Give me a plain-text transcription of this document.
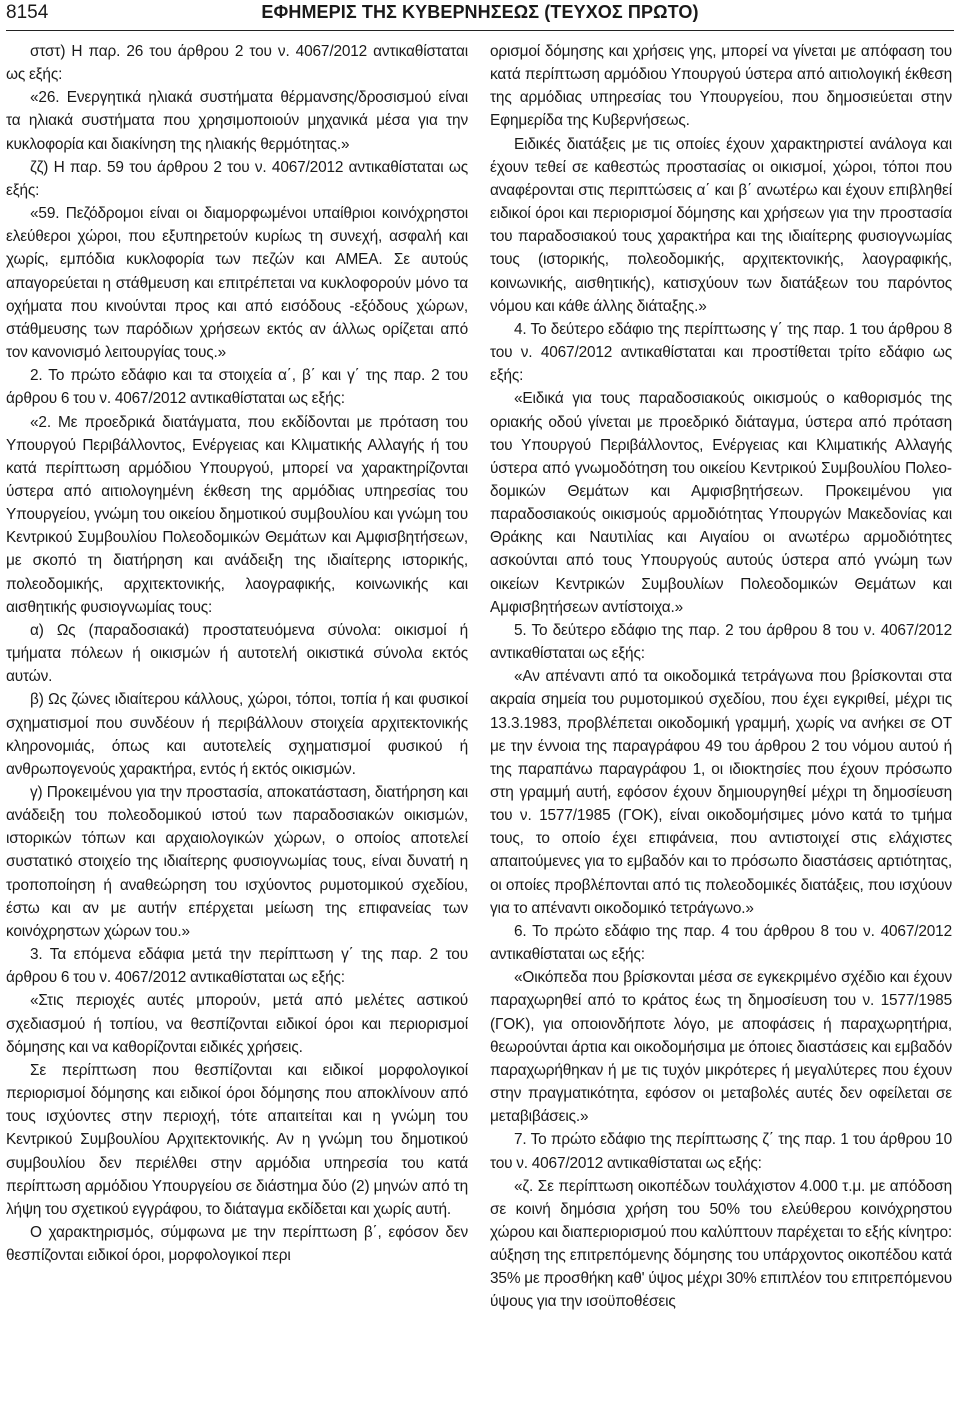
8154	ΕΦΗΜΕΡΙΣ ΤΗΣ ΚΥΒΕΡΝΗΣΕΩΣ (ΤΕΥΧΟΣ ΠΡΩΤΟ)

στστ) Η παρ. 26 του άρθρου 2 του ν. 4067/2012 αντικαθίσταται ως εξής:

«26. Ενεργητικά ηλιακά συστήματα θέρμανσης/δροσισμού είναι τα ηλιακά συστήματα που χρησιμοποιούν μηχανικά μέσα για την κυκλοφορία και διακίνηση της ηλιακής θερμότητας.»

ζζ) Η παρ. 59 του άρθρου 2 του ν. 4067/2012 αντικαθίσταται ως εξής:

«59. Πεζόδρομοι είναι οι διαμορφωμένοι υπαίθριοι κοινόχρηστοι ελεύθεροι χώροι, που εξυπηρετούν κυρίως τη συνεχή, ασφαλή και χωρίς, εμπόδια κυκλοφορία των πεζών και ΑΜΕΑ. Σε αυτούς απαγορεύεται η στάθμευση και επιτρέπεται να κυκλοφορούν μόνο τα οχήματα που κινούνται προς και από εισόδους -εξόδους χώρων, στάθμευσης των παρόδιων χρήσεων εκτός αν άλλως ορίζεται από τον κανονισμό λειτουργίας τους.»

2. Το πρώτο εδάφιο και τα στοιχεία α΄, β΄ και γ΄ της παρ. 2 του άρθρου 6 του ν. 4067/2012 αντικαθίσταται ως εξής:

«2. Με προεδρικά διατάγματα, που εκδίδονται με πρόταση του Υπουργού Περιβάλλοντος, Ενέργειας και Κλιματικής Αλλαγής ή του κατά περίπτωση αρμόδιου Υπουργού, μπορεί να χαρακτηρίζονται ύστερα από αιτιολογημένη έκθεση της αρμόδιας υπηρεσίας του Υπουργείου, γνώμη του οικείου δημοτικού συμβουλίου και γνώμη του Κεντρικού Συμβουλίου Πολεοδομικών Θεμάτων και Αμφισβητήσεων, με σκοπό τη διατήρηση και ανάδειξη της ιδιαίτερης ιστορικής, πολεοδομικής, αρχιτεκτονικής, λαογραφικής, κοινωνικής και αισθητικής φυσιογνωμίας τους:

α) Ως (παραδοσιακά) προστατευόμενα σύνολα: οικισμοί ή τμήματα πόλεων ή οικισμών ή αυτοτελή οικιστικά σύνολα εκτός αυτών.

β) Ως ζώνες ιδιαίτερου κάλλους, χώροι, τόποι, τοπία ή και φυσικοί σχηματισμοί που συνδέουν ή περιβάλλουν στοιχεία αρχιτεκτονικής κληρονομιάς, όπως και αυτοτελείς σχηματισμοί φυσικού ή ανθρωπογενούς χαρακτήρα, εντός ή εκτός οικισμών.

γ) Προκειμένου για την προστασία, αποκατάσταση, διατήρηση και ανάδειξη του πολεοδομικού ιστού των παραδοσιακών οικισμών, ιστορικών τόπων και αρχαιολογικών χώρων, ο οποίος αποτελεί συστατικό στοιχείο της ιδιαίτερης φυσιογνωμίας τους, είναι δυνατή η τροποποίηση ή αναθεώρηση του ισχύοντος ρυμοτομικού σχεδίου, έστω και αν με αυτήν επέρχεται μείωση της επιφανείας των κοινόχρηστων χώρων του.»

3. Τα επόμενα εδάφια μετά την περίπτωση γ΄ της παρ. 2 του άρθρου 6 του ν. 4067/2012 αντικαθίσταται ως εξής:

«Στις περιοχές αυτές μπορούν, μετά από μελέτες αστικού σχεδιασμού ή τοπίου, να θεσπίζονται ειδικοί όροι και περιορισμοί δόμησης και να καθορίζονται ειδικές χρήσεις.

Σε περίπτωση που θεσπίζονται και ειδικοί μορφολογικοί περιορισμοί δόμησης και ειδικοί όροι δόμησης που αποκλίνουν από τους ισχύοντες στην περιοχή, τότε απαιτείται και η γνώμη του Κεντρικού Συμβουλίου Αρχιτεκτονικής. Αν η γνώμη του δημοτικού συμβουλίου δεν περιέλθει στην αρμόδια υπηρεσία του κατά περίπτωση αρμόδιου Υπουργείου σε διάστημα δύο (2) μηνών από τη λήψη του σχετικού εγγράφου, το διάταγμα εκδίδεται και χωρίς αυτή.

Ο χαρακτηρισμός, σύμφωνα με την περίπτωση β΄, εφόσον δεν θεσπίζονται ειδικοί όροι, μορφολογικοί περι

ορισμοί δόμησης και χρήσεις γης, μπορεί να γίνεται με απόφαση του κατά περίπτωση αρμόδιου Υπουργού ύστερα από αιτιολογική έκθεση της αρμόδιας υπηρεσίας του Υπουργείου, που δημοσιεύεται στην Εφημερίδα της Κυβερνήσεως.

Ειδικές διατάξεις με τις οποίες έχουν χαρακτηριστεί ανάλογα και έχουν τεθεί σε καθεστώς προστασίας οι οικισμοί, χώροι, τόποι που αναφέρονται στις περιπτώσεις α΄ και β΄ ανωτέρω και έχουν επιβληθεί ειδικοί όροι και περιορισμοί δόμησης και χρήσεων για την προστασία του παραδοσιακού τους χαρακτήρα και της ιδιαίτερης φυσιογνωμίας τους (ιστορικής, πολεοδομικής, αρχιτεκτονικής, λαογραφικής, κοινωνικής, αισθητικής), κατισχύουν των διατάξεων του παρόντος νόμου και κάθε άλλης διάταξης.»

4. Το δεύτερο εδάφιο της περίπτωσης γ΄ της παρ. 1 του άρθρου 8 του ν. 4067/2012 αντικαθίσταται και προστίθεται τρίτο εδάφιο ως εξής:

«Ειδικά για τους παραδοσιακούς οικισμούς ο καθορισμός της οριακής οδού γίνεται με προεδρικό διάταγμα, ύστερα από πρόταση του Υπουργού Περιβάλλοντος, Ενέργειας και Κλιματικής Αλλαγής ύστερα από γνωμοδότηση του οικείου Κεντρικού Συμβουλίου Πολεοδομικών Θεμάτων και Αμφισβητήσεων. Προκειμένου για παραδοσιακούς οικισμούς αρμοδιότητας Υπουργών Μακεδονίας και Θράκης και Ναυτιλίας και Αιγαίου οι ανωτέρω αρμοδιότητες ασκούνται από τους Υπουργούς αυτούς ύστερα από γνώμη των οικείων Κεντρικών Συμβουλίων Πολεοδομικών Θεμάτων και Αμφισβητήσεων αντίστοιχα.»

5. Το δεύτερο εδάφιο της παρ. 2 του άρθρου 8 του ν. 4067/2012 αντικαθίσταται ως εξής:

«Αν απέναντι από τα οικοδομικά τετράγωνα που βρίσκονται στα ακραία σημεία του ρυμοτομικού σχεδίου, που έχει εγκριθεί, μέχρι τις 13.3.1983, προβλέπεται οικοδομική γραμμή, χωρίς να ανήκει σε ΟΤ με την έννοια της παραγράφου 49 του άρθρου 2 του νόμου αυτού ή της παραπάνω παραγράφου 1, οι ιδιοκτησίες που έχουν πρόσωπο στη γραμμή αυτή, εφόσον έχουν δημιουργηθεί μέχρι τη δημοσίευση του ν. 1577/1985 (ΓΟΚ), είναι οικοδομήσιμες μόνο κατά το τμήμα τους, το οποίο έχει επιφάνεια, που αντιστοιχεί στις ελάχιστες απαιτούμενες για το εμβαδόν και το πρόσωπο διαστάσεις αρτιότητας, οι οποίες προβλέπονται από τις πολεοδομικές διατάξεις, που ισχύουν για το απέναντι οικοδομικό τετράγωνο.»

6. Το πρώτο εδάφιο της παρ. 4 του άρθρου 8 του ν. 4067/2012 αντικαθίσταται ως εξής:

«Οικόπεδα που βρίσκονται μέσα σε εγκεκριμένο σχέδιο και έχουν παραχωρηθεί από το κράτος έως τη δημοσίευση του ν. 1577/1985 (ΓΟΚ), για οποιονδήποτε λόγο, με αποφάσεις ή παραχωρητήρια, θεωρούνται άρτια και οικοδομήσιμα με όποιες διαστάσεις και εμβαδόν παραχωρήθηκαν ή με τις τυχόν μικρότερες ή μεγαλύτερες που έχουν στην πραγματικότητα, εφόσον οι μεταβολές αυτές δεν οφείλεται σε μεταβιβάσεις.»

7. Το πρώτο εδάφιο της περίπτωσης ζ΄ της παρ. 1 του άρθρου 10 του ν. 4067/2012 αντικαθίσταται ως εξής:

«ζ. Σε περίπτωση οικοπέδων τουλάχιστον 4.000 τ.μ. με απόδοση σε κοινή δημόσια χρήση του 50% του ελεύθερου κοινόχρηστου χώρου και διαπεριορισμού που καλύπτουν παρέχεται το εξής κίνητρο: αύξηση της επιτρεπόμενης δόμησης του υπάρχοντος οικοπέδου κατά 35% με προσθήκη καθ' ύψος μέχρι 30% επιπλέον του επιτρεπόμενου ύψους για την ισοϋποθέσεις
